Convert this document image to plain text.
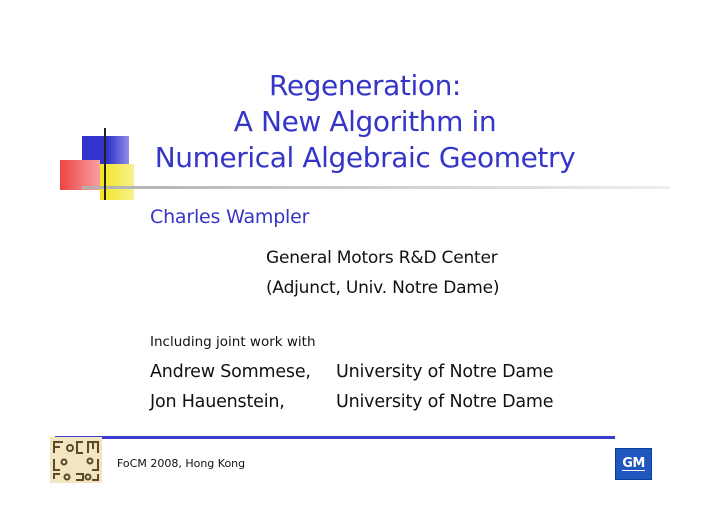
Regeneration:
A New Algorithm in
Numerical Algebraic Geometry
Charles Wampler
General Motors R&D Center
(Adjunct, Univ. Notre Dame)
Including joint work with
Andrew Sommese, University of Notre Dame
Jon Hauenstein,	University of Notre Dame
FoCM 2008, Hong Kong	GM
